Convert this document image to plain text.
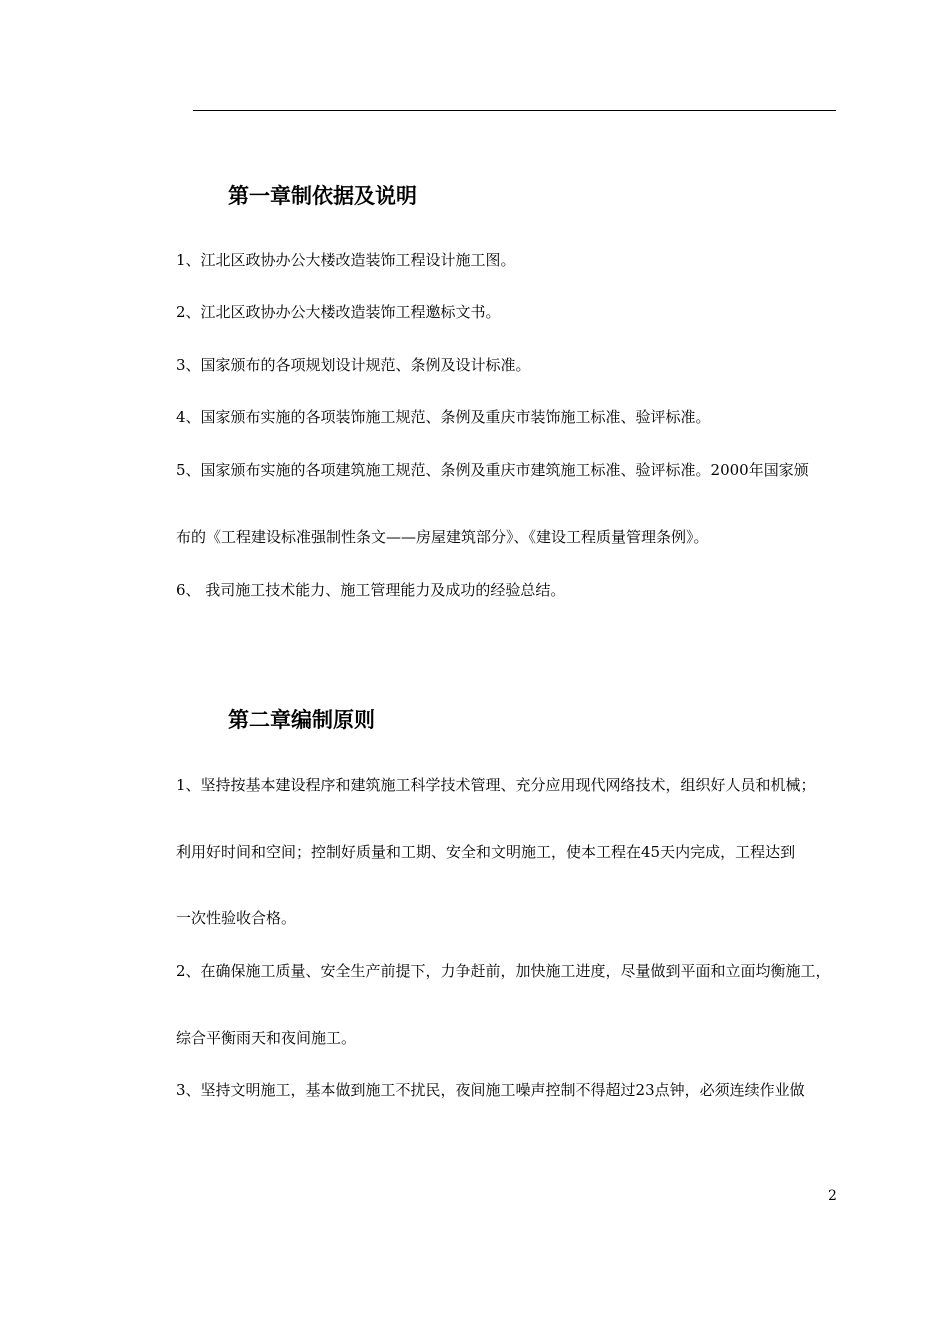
第一章制依据及说明

1、江北区政协办公大楼改造装饰工程设计施工图。

2、江北区政协办公大楼改造装饰工程邀标文书。

3、国家颁布的各项规划设计规范、条例及设计标准。

4、国家颁布实施的各项装饰施工规范、条例及重庆市装饰施工标准、验评标准。

5、国家颁布实施的各项建筑施工规范、条例及重庆市建筑施工标准、验评标准。2000年国家颁

布的《工程建设标准强制性条文——房屋建筑部分》、《建设工程质量管理条例》。

6、 我司施工技术能力、施工管理能力及成功的经验总结。

第二章编制原则

1、坚持按基本建设程序和建筑施工科学技术管理、充分应用现代网络技术，组织好人员和机械；

利用好时间和空间；控制好质量和工期、安全和文明施工，使本工程在45天内完成，工程达到

一次性验收合格。

2、在确保施工质量、安全生产前提下，力争赶前，加快施工进度，尽量做到平面和立面均衡施工，

综合平衡雨天和夜间施工。

3、坚持文明施工，基本做到施工不扰民，夜间施工噪声控制不得超过23点钟，必须连续作业做

2
